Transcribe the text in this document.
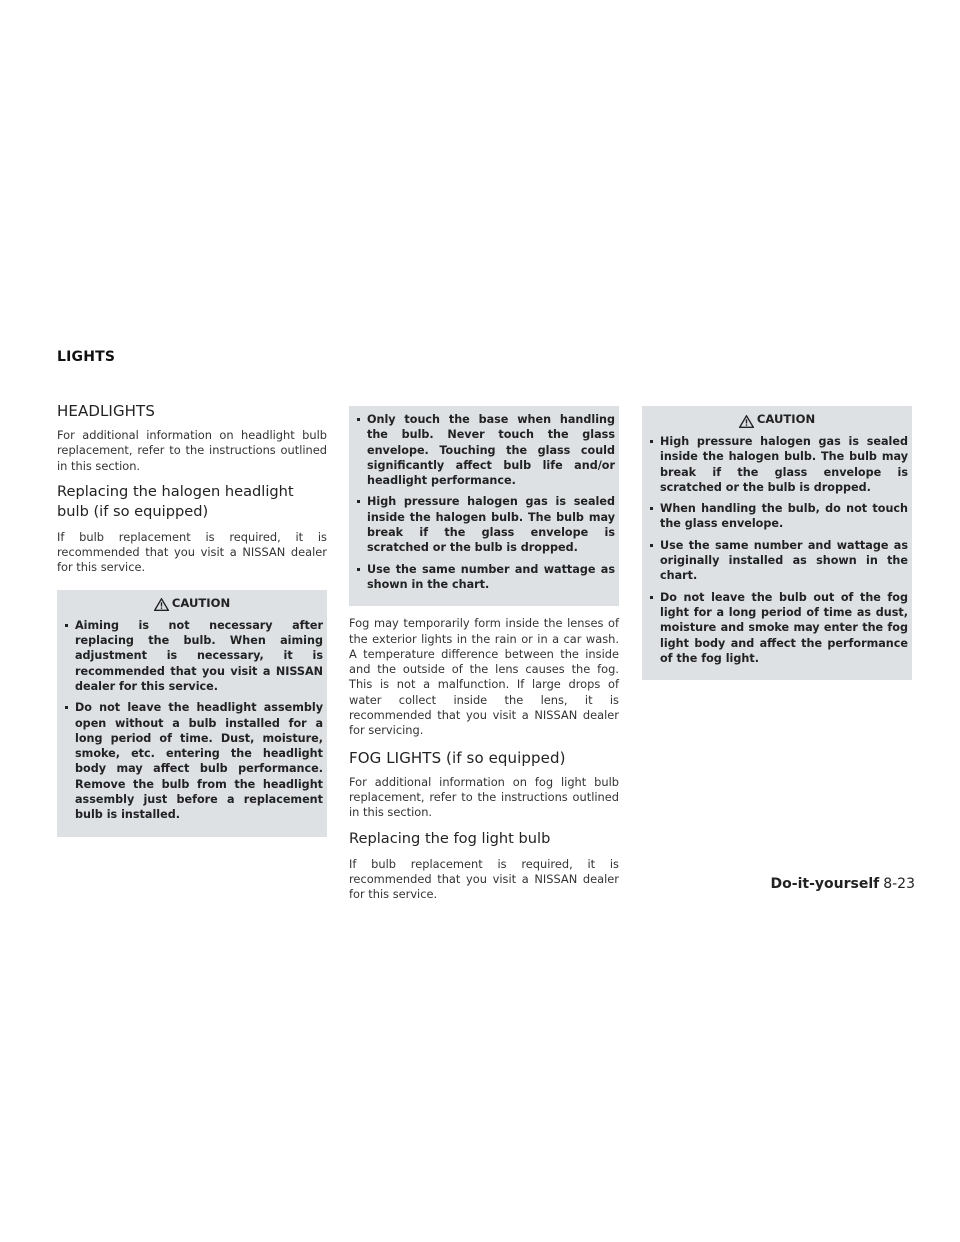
LIGHTS
HEADLIGHTS

For additional information on headlight bulb replacement, refer to the instructions outlined in this section.

Replacing the halogen headlight bulb (if so equipped)

If bulb replacement is required, it is recommended that you visit a NISSAN dealer for this service.

CAUTION
Aiming is not necessary after replacing the bulb. When aiming adjustment is necessary, it is recommended that you visit a NISSAN dealer for this service.
Do not leave the headlight assembly open without a bulb installed for a long period of time. Dust, moisture, smoke, etc. entering the headlight body may affect bulb performance. Remove the bulb from the headlight assembly just before a replacement bulb is installed.
Only touch the base when handling the bulb. Never touch the glass envelope. Touching the glass could significantly affect bulb life and/or headlight performance.
High pressure halogen gas is sealed inside the halogen bulb. The bulb may break if the glass envelope is scratched or the bulb is dropped.
Use the same number and wattage as shown in the chart.

Fog may temporarily form inside the lenses of the exterior lights in the rain or in a car wash. A temperature difference between the inside and the outside of the lens causes the fog. This is not a malfunction. If large drops of water collect inside the lens, it is recommended that you visit a NISSAN dealer for servicing.

FOG LIGHTS (if so equipped)

For additional information on fog light bulb replacement, refer to the instructions outlined in this section.

Replacing the fog light bulb

If bulb replacement is required, it is recommended that you visit a NISSAN dealer for this service.

CAUTION
High pressure halogen gas is sealed inside the halogen bulb. The bulb may break if the glass envelope is scratched or the bulb is dropped.
When handling the bulb, do not touch the glass envelope.
Use the same number and wattage as originally installed as shown in the chart.
Do not leave the bulb out of the fog light for a long period of time as dust, moisture and smoke may enter the fog light body and affect the performance of the fog light.
Do-it-yourself 8-23
